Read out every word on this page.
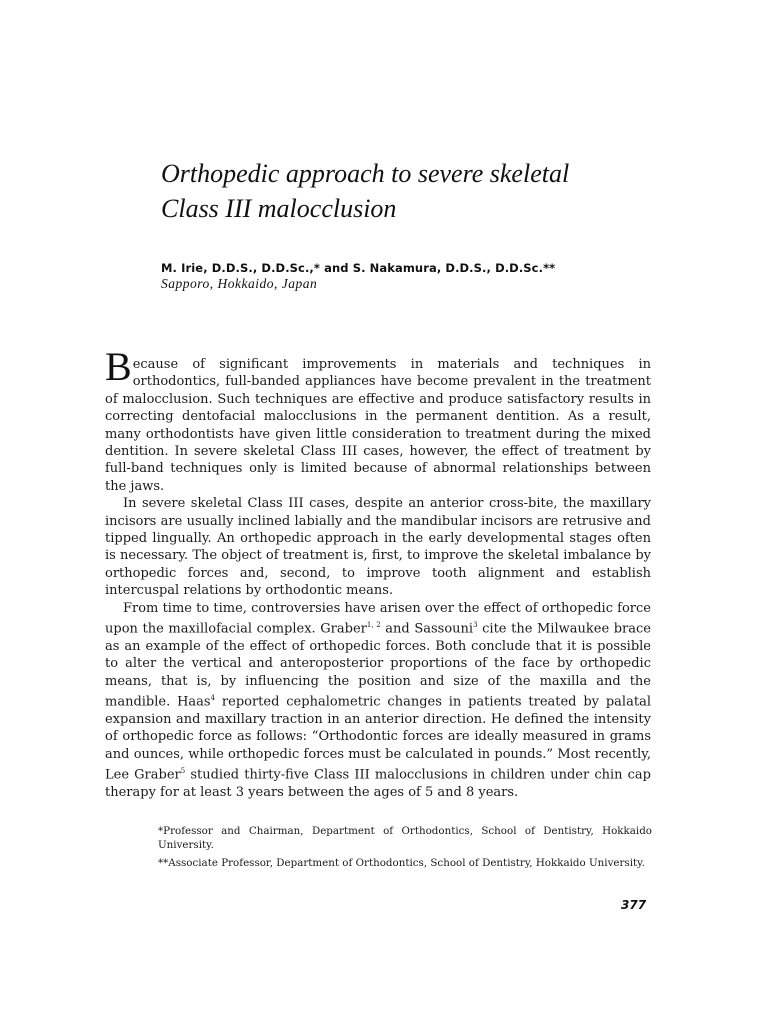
Orthopedic approach to severe skeletal
Class III malocclusion
M. Irie, D.D.S., D.D.Sc.,* and S. Nakamura, D.D.S., D.D.Sc.**
Sapporo, Hokkaido, Japan

Because of significant improvements in materials and techniques in orthodontics, full-banded appliances have become prevalent in the treatment of malocclusion. Such techniques are effective and produce satisfactory results in correcting dentofacial malocclusions in the permanent dentition. As a result, many orthodontists have given little consideration to treatment during the mixed dentition. In severe skeletal Class III cases, however, the effect of treatment by full-band techniques only is limited because of abnormal relationships between the jaws.

In severe skeletal Class III cases, despite an anterior cross-bite, the maxillary incisors are usually inclined labially and the mandibular incisors are retrusive and tipped lingually. An orthopedic approach in the early developmental stages often is necessary. The object of treatment is, first, to improve the skeletal imbalance by orthopedic forces and, second, to improve tooth alignment and establish intercuspal relations by orthodontic means.

From time to time, controversies have arisen over the effect of orthopedic force upon the maxillofacial complex. Graber$^{1, 2}$ and Sassouni$^3$ cite the Milwaukee brace as an example of the effect of orthopedic forces. Both conclude that it is possible to alter the vertical and anteroposterior proportions of the face by orthopedic means, that is, by influencing the position and size of the maxilla and the mandible. Haas$^4$ reported cephalometric changes in patients treated by palatal expansion and maxillary traction in an anterior direction. He defined the intensity of orthopedic force as follows: “Orthodontic forces are ideally measured in grams and ounces, while orthopedic forces must be calculated in pounds.” Most recently, Lee Graber$^5$ studied thirty-five Class III malocclusions in children under chin cap therapy for at least 3 years between the ages of 5 and 8 years.

*Professor and Chairman, Department of Orthodontics, School of Dentistry, Hokkaido University.

**Associate Professor, Department of Orthodontics, School of Dentistry, Hokkaido University.

377
